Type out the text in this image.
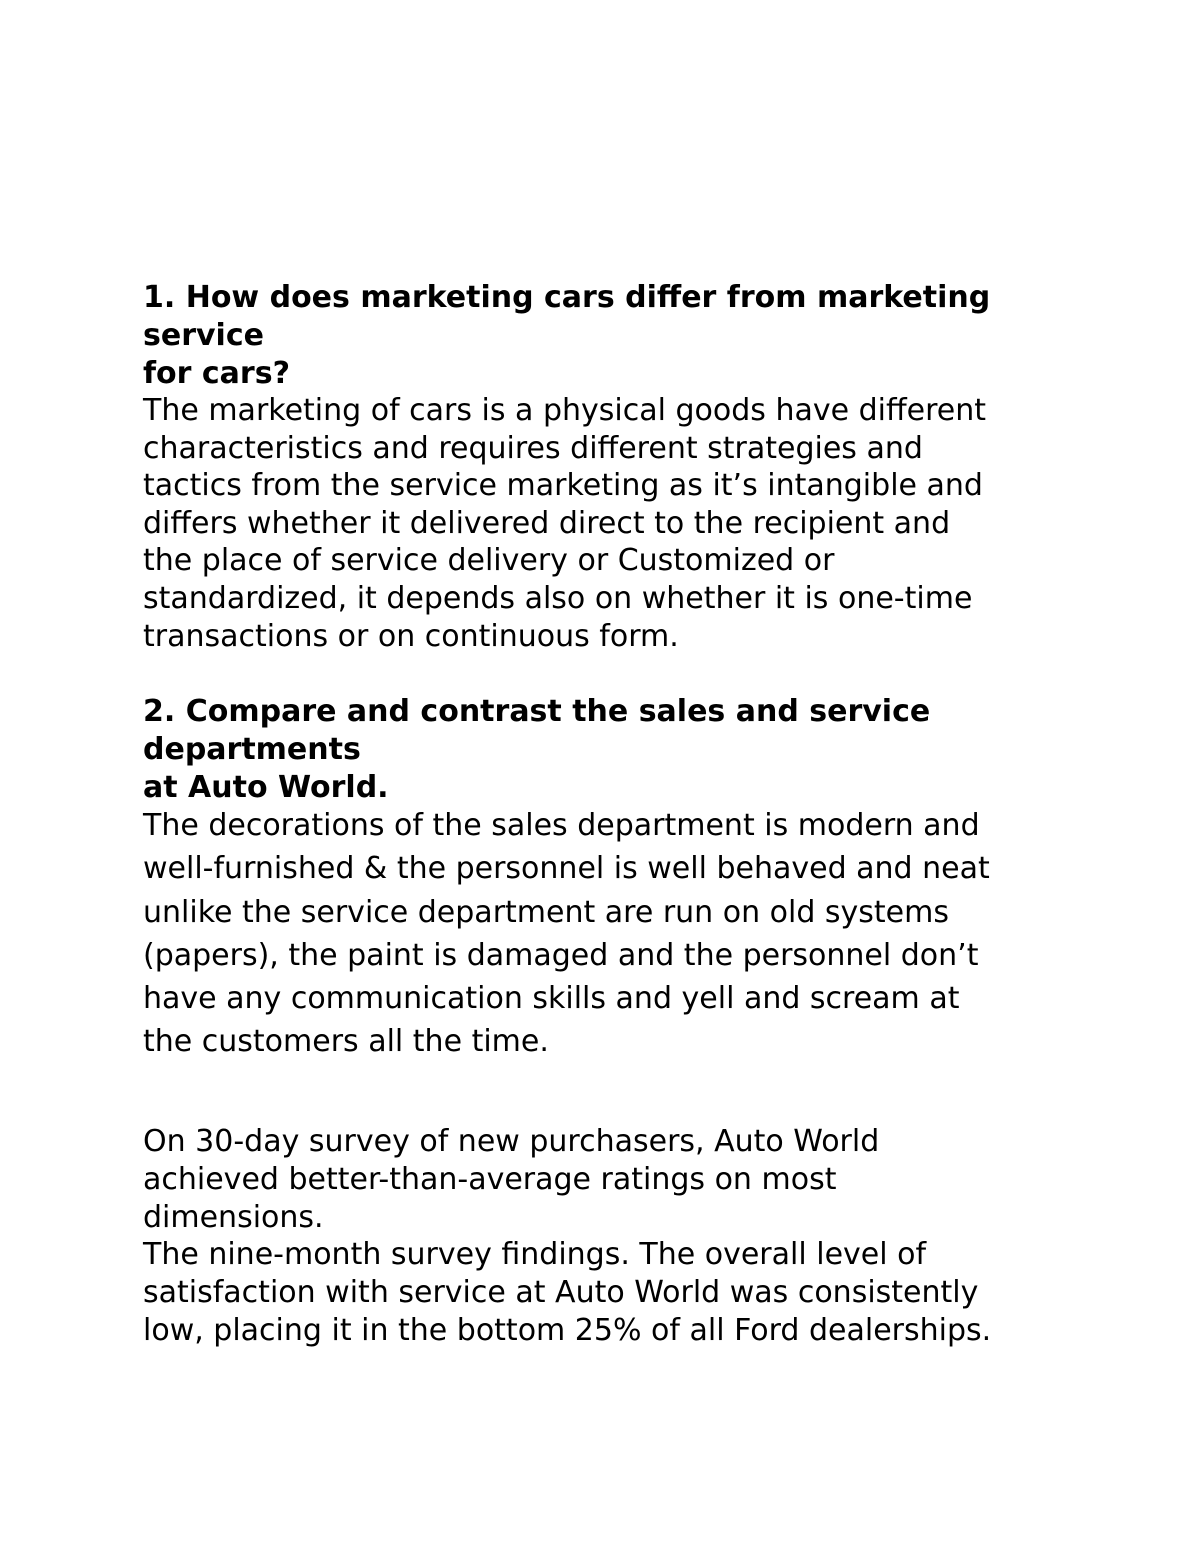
1. How does marketing cars differ from marketing
service
for cars?
The marketing of cars is a physical goods have different
characteristics and requires different strategies and
tactics from the service marketing as it’s intangible and
differs whether it delivered direct to the recipient and
the place of service delivery or Customized or
standardized, it depends also on whether it is one-time
transactions or on continuous form.
2. Compare and contrast the sales and service
departments
at Auto World.
The decorations of the sales department is modern and
well-furnished & the personnel is well behaved and neat
unlike the service department are run on old systems
(papers), the paint is damaged and the personnel don’t
have any communication skills and yell and scream at
the customers all the time.
On 30-day survey of new purchasers, Auto World
achieved better-than-average ratings on most
dimensions.
The nine-month survey findings. The overall level of
satisfaction with service at Auto World was consistently
low, placing it in the bottom 25% of all Ford dealerships.
